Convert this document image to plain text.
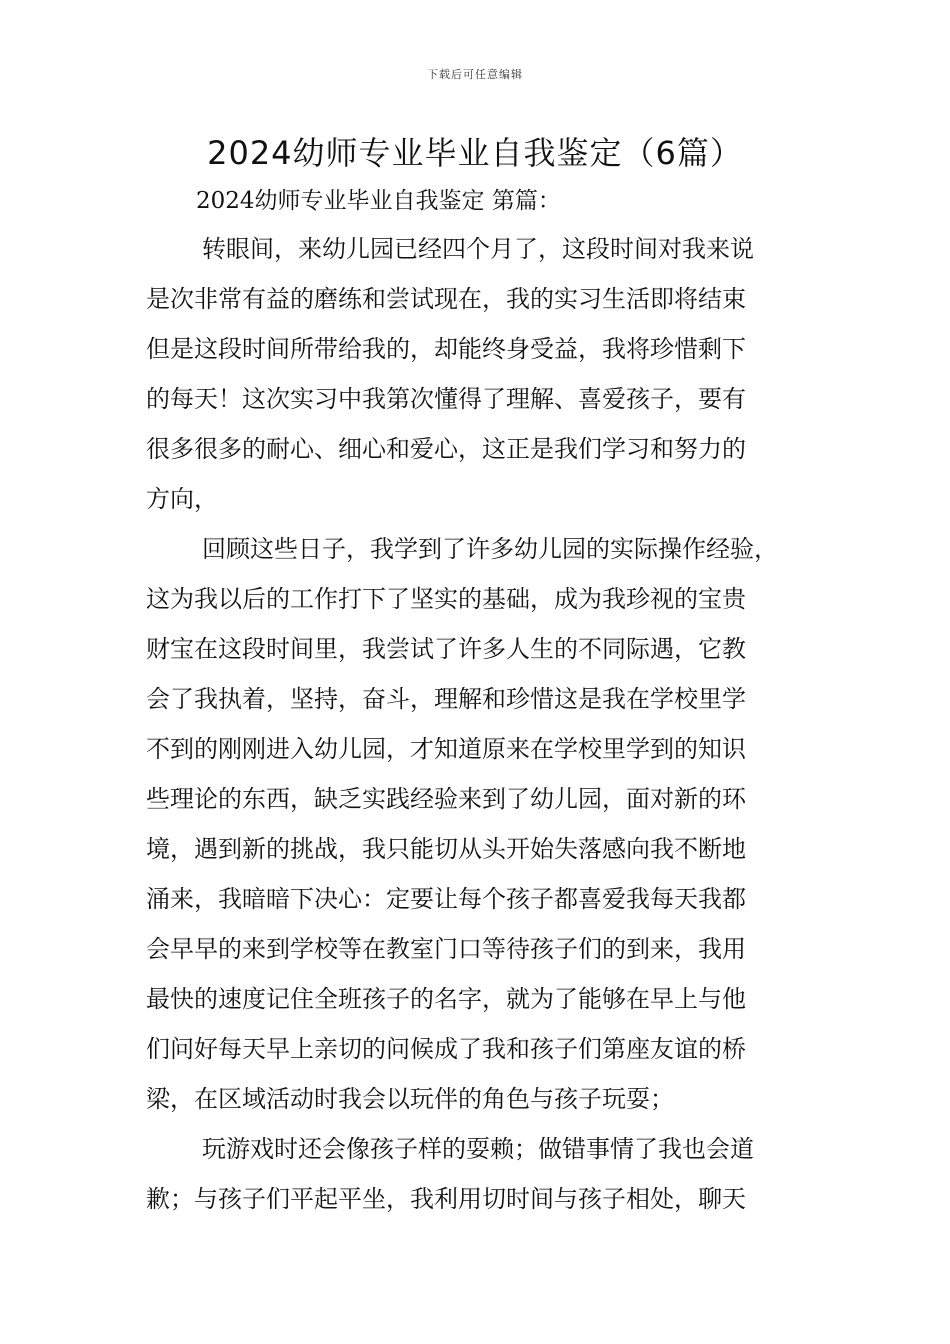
下载后可任意编辑
2024幼师专业毕业自我鉴定（6篇）
2024幼师专业毕业自我鉴定 第篇：

转眼间，来幼儿园已经四个月了，这段时间对我来说
是次非常有益的磨练和尝试现在，我的实习生活即将结束
但是这段时间所带给我的，却能终身受益，我将珍惜剩下
的每天！这次实习中我第次懂得了理解、喜爱孩子，要有
很多很多的耐心、细心和爱心，这正是我们学习和努力的
方向，

回顾这些日子，我学到了许多幼儿园的实际操作经验，
这为我以后的工作打下了坚实的基础，成为我珍视的宝贵
财宝在这段时间里，我尝试了许多人生的不同际遇，它教
会了我执着，坚持，奋斗，理解和珍惜这是我在学校里学
不到的刚刚进入幼儿园，才知道原来在学校里学到的知识
些理论的东西，缺乏实践经验来到了幼儿园，面对新的环
境，遇到新的挑战，我只能切从头开始失落感向我不断地
涌来，我暗暗下决心：定要让每个孩子都喜爱我每天我都
会早早的来到学校等在教室门口等待孩子们的到来，我用
最快的速度记住全班孩子的名字，就为了能够在早上与他
们问好每天早上亲切的问候成了我和孩子们第座友谊的桥
梁，在区域活动时我会以玩伴的角色与孩子玩耍；

玩游戏时还会像孩子样的耍赖；做错事情了我也会道
歉；与孩子们平起平坐，我利用切时间与孩子相处，聊天
